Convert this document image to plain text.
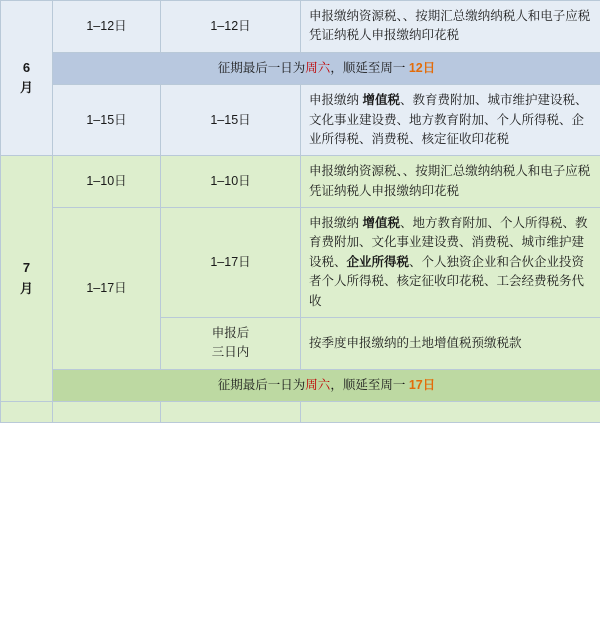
6
月	1–12日	1–12日	申报缴纳资源税、、按期汇总缴纳纳税人和电子应税凭证纳税人申报缴纳印花税
	征期最后一日为周六，顺延至周一 12日		
	1–15日	1–15日	申报缴纳 增值税、教育费附加、城市维护建设税、文化事业建设费、地方教育附加、个人所得税、企业所得税、消费税、核定征收印花税

7
月	1–10日	1–10日	申报缴纳资源税、、按期汇总缴纳纳税人和电子应税凭证纳税人申报缴纳印花税
	1–17日	1–17日	申报缴纳 增值税、地方教育附加、个人所得税、教育费附加、文化事业建设费、消费税、城市维护建设税、企业所得税、个人独资企业和合伙企业投资者个人所得税、核定征收印花税、工会经费税务代收

		申报后
三日内	按季度申报缴纳的土地增值税预缴税款
	征期最后一日为周六，顺延至周一 17日		
